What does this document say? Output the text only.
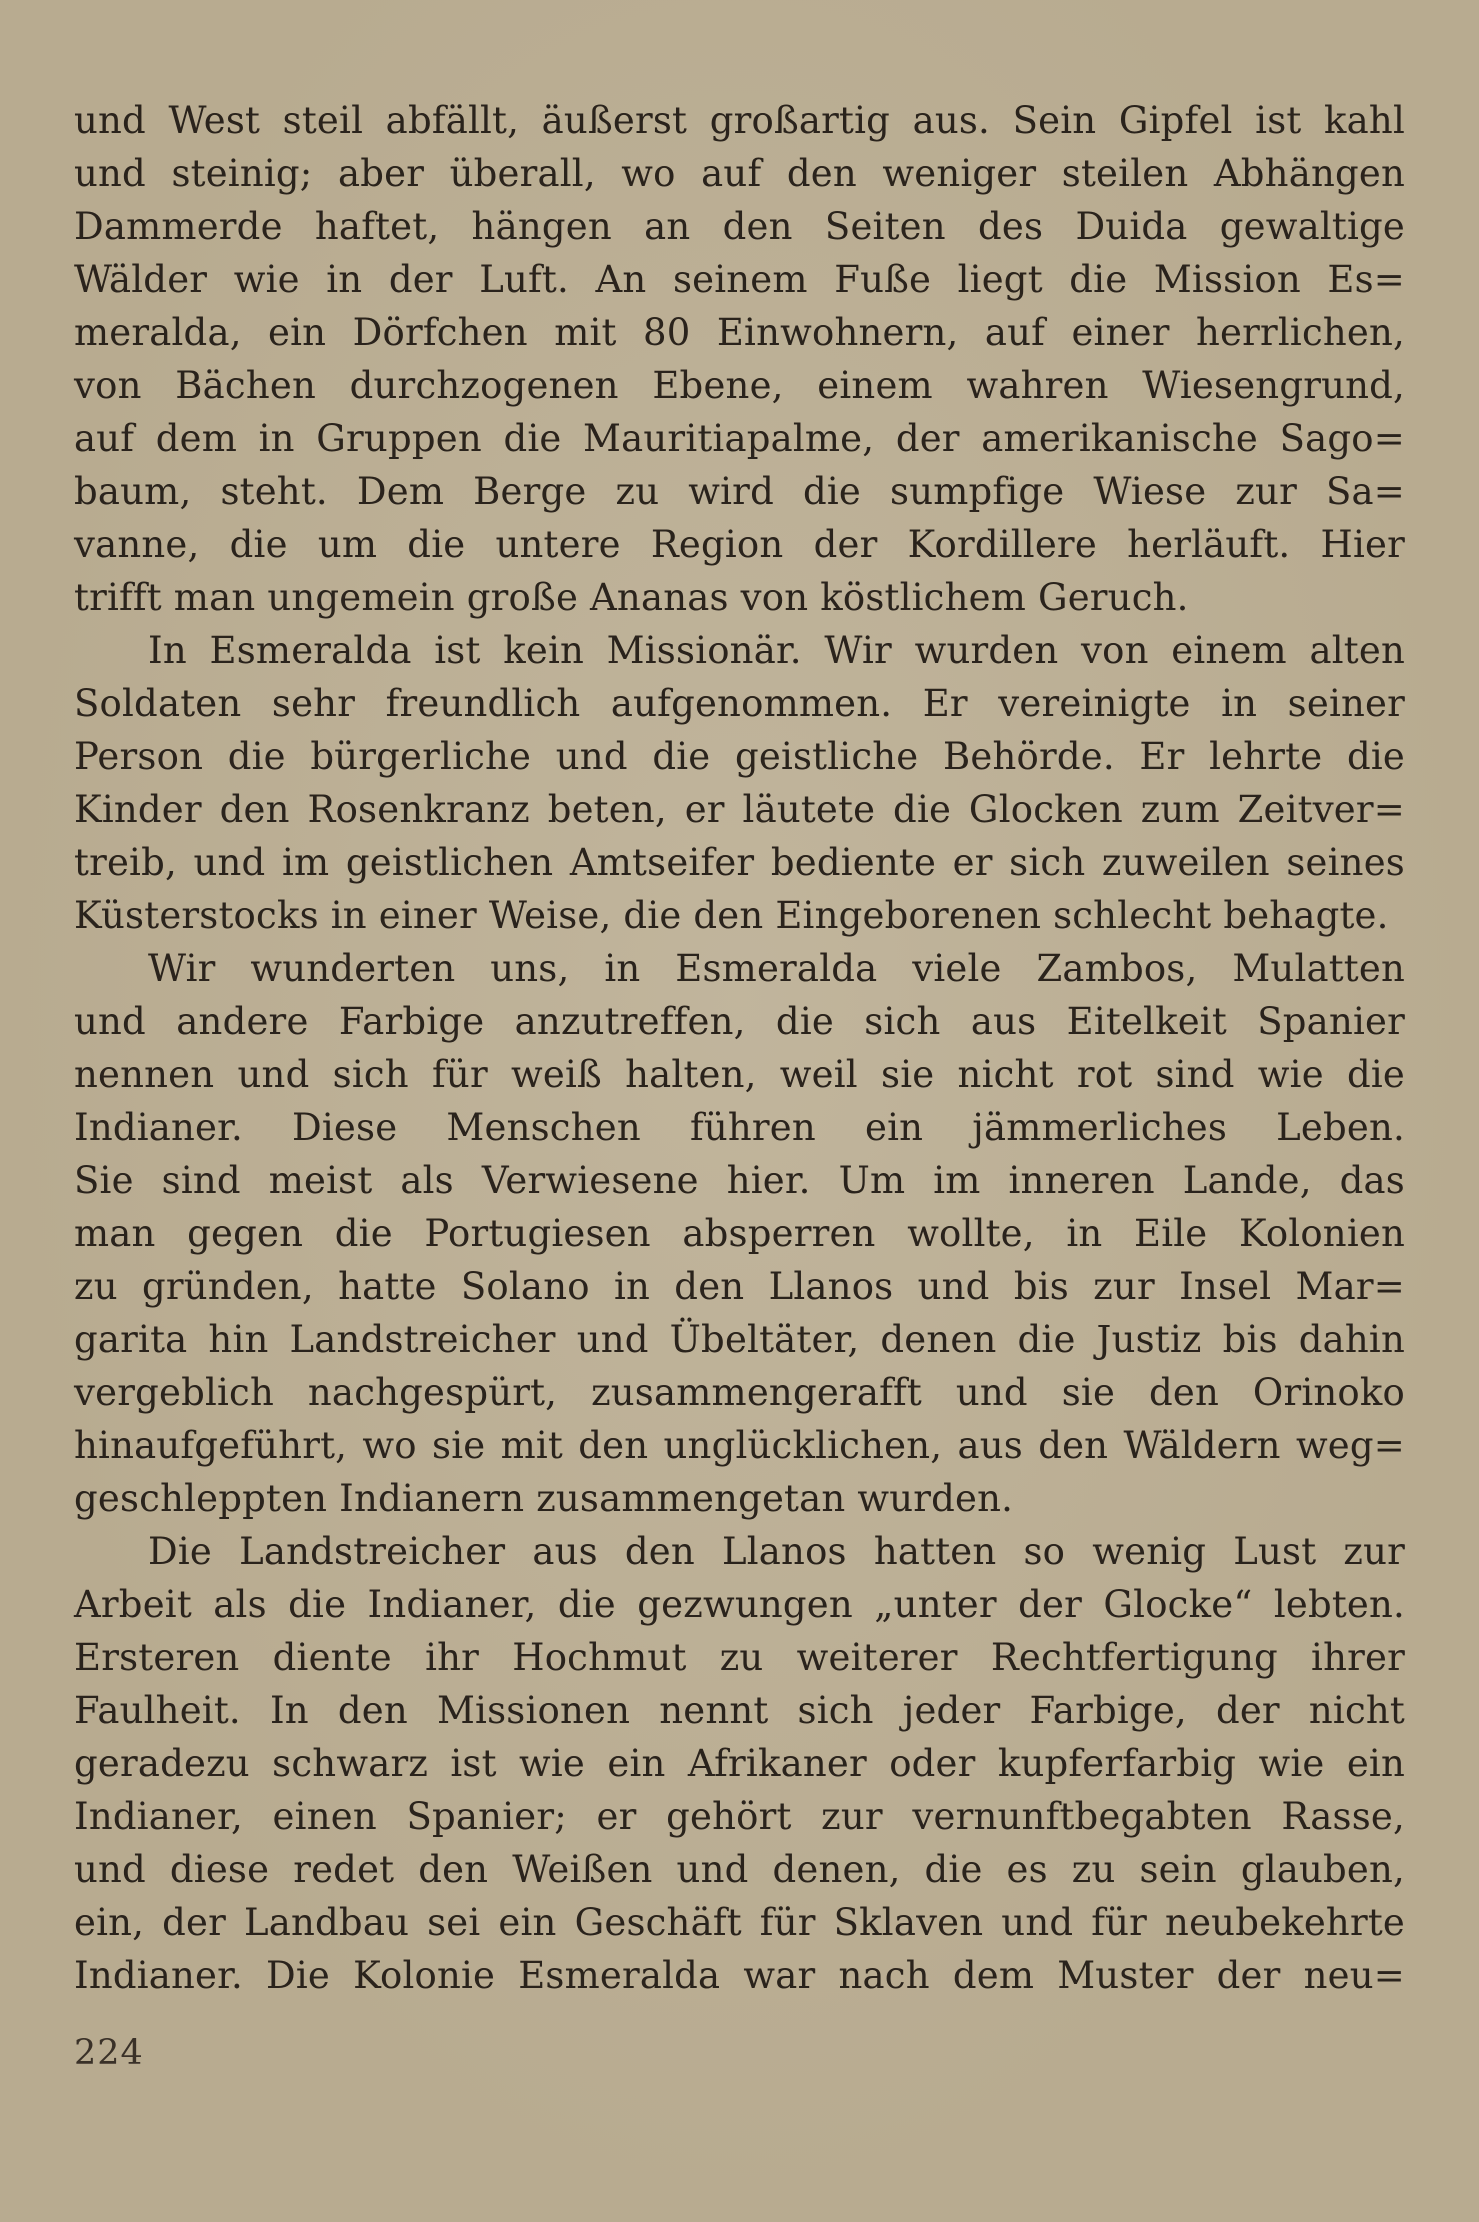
und West steil abfällt, äußerst großartig aus. Sein Gipfel ist kahl
und steinig; aber überall, wo auf den weniger steilen Abhängen
Dammerde haftet, hängen an den Seiten des Duida gewaltige
Wälder wie in der Luft. An seinem Fuße liegt die Mission Es=
meralda, ein Dörfchen mit 80 Einwohnern, auf einer herrlichen,
von Bächen durchzogenen Ebene, einem wahren Wiesengrund,
auf dem in Gruppen die Mauritiapalme, der amerikanische Sago=
baum, steht. Dem Berge zu wird die sumpfige Wiese zur Sa=
vanne, die um die untere Region der Kordillere herläuft. Hier
trifft man ungemein große Ananas von köstlichem Geruch.
In Esmeralda ist kein Missionär. Wir wurden von einem alten
Soldaten sehr freundlich aufgenommen. Er vereinigte in seiner
Person die bürgerliche und die geistliche Behörde. Er lehrte die
Kinder den Rosenkranz beten, er läutete die Glocken zum Zeitver=
treib, und im geistlichen Amtseifer bediente er sich zuweilen seines
Küsterstocks in einer Weise, die den Eingeborenen schlecht behagte.
Wir wunderten uns, in Esmeralda viele Zambos, Mulatten
und andere Farbige anzutreffen, die sich aus Eitelkeit Spanier
nennen und sich für weiß halten, weil sie nicht rot sind wie die
Indianer. Diese Menschen führen ein jämmerliches Leben.
Sie sind meist als Verwiesene hier. Um im inneren Lande, das
man gegen die Portugiesen absperren wollte, in Eile Kolonien
zu gründen, hatte Solano in den Llanos und bis zur Insel Mar=
garita hin Landstreicher und Übeltäter, denen die Justiz bis dahin
vergeblich nachgespürt, zusammengerafft und sie den Orinoko
hinaufgeführt, wo sie mit den unglücklichen, aus den Wäldern weg=
geschleppten Indianern zusammengetan wurden.
Die Landstreicher aus den Llanos hatten so wenig Lust zur
Arbeit als die Indianer, die gezwungen „unter der Glocke“ lebten.
Ersteren diente ihr Hochmut zu weiterer Rechtfertigung ihrer
Faulheit. In den Missionen nennt sich jeder Farbige, der nicht
geradezu schwarz ist wie ein Afrikaner oder kupferfarbig wie ein
Indianer, einen Spanier; er gehört zur vernunftbegabten Rasse,
und diese redet den Weißen und denen, die es zu sein glauben,
ein, der Landbau sei ein Geschäft für Sklaven und für neubekehrte
Indianer. Die Kolonie Esmeralda war nach dem Muster der neu=
224
